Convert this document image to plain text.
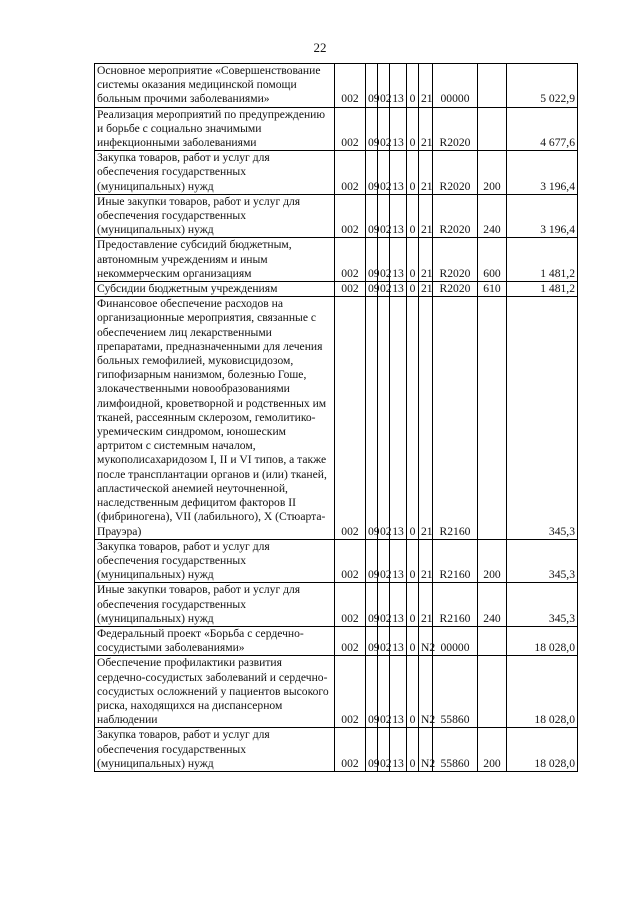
22
Основное мероприятие «Совершенствование системы оказания медицинской помощи больным прочими заболеваниями»	002	09	02	13	0	21	00000		5 022,9
Реализация мероприятий по предупреждению и борьбе с социально значимыми инфекционными заболеваниями	002	09	02	13	0	21	R2020		4 677,6
Закупка товаров, работ и услуг для обеспечения государственных (муниципальных) нужд	002	09	02	13	0	21	R2020	200	3 196,4
Иные закупки товаров, работ и услуг для обеспечения государственных (муниципальных) нужд	002	09	02	13	0	21	R2020	240	3 196,4
Предоставление субсидий бюджетным, автономным учреждениям и иным некоммерческим организациям	002	09	02	13	0	21	R2020	600	1 481,2
Субсидии бюджетным учреждениям	002	09	02	13	0	21	R2020	610	1 481,2
Финансовое обеспечение расходов на организационные мероприятия, связанные с обеспечением лиц лекарственными препаратами, предназначенными для лечения больных гемофилией, муковисцидозом, гипофизарным нанизмом, болезнью Гоше, злокачественными новообразованиями лимфоидной, кроветворной и родственных им тканей, рассеянным склерозом, гемолитико-уремическим синдромом, юношеским артритом с системным началом, мукополисахаридозом I, II и VI типов, а также после трансплантации органов и (или) тканей, апластической анемией неуточненной, наследственным дефицитом факторов II (фибриногена), VII (лабильного), X (Стюарта-Прауэра)	002	09	02	13	0	21	R2160		345,3
Закупка товаров, работ и услуг для обеспечения государственных (муниципальных) нужд	002	09	02	13	0	21	R2160	200	345,3
Иные закупки товаров, работ и услуг для обеспечения государственных (муниципальных) нужд	002	09	02	13	0	21	R2160	240	345,3
Федеральный проект «Борьба с сердечно-сосудистыми заболеваниями»	002	09	02	13	0	N2	00000		18 028,0
Обеспечение профилактики развития сердечно-сосудистых заболеваний и сердечно-сосудистых осложнений у пациентов высокого риска, находящихся на диспансерном наблюдении	002	09	02	13	0	N2	55860		18 028,0
Закупка товаров, работ и услуг для обеспечения государственных (муниципальных) нужд	002	09	02	13	0	N2	55860	200	18 028,0
